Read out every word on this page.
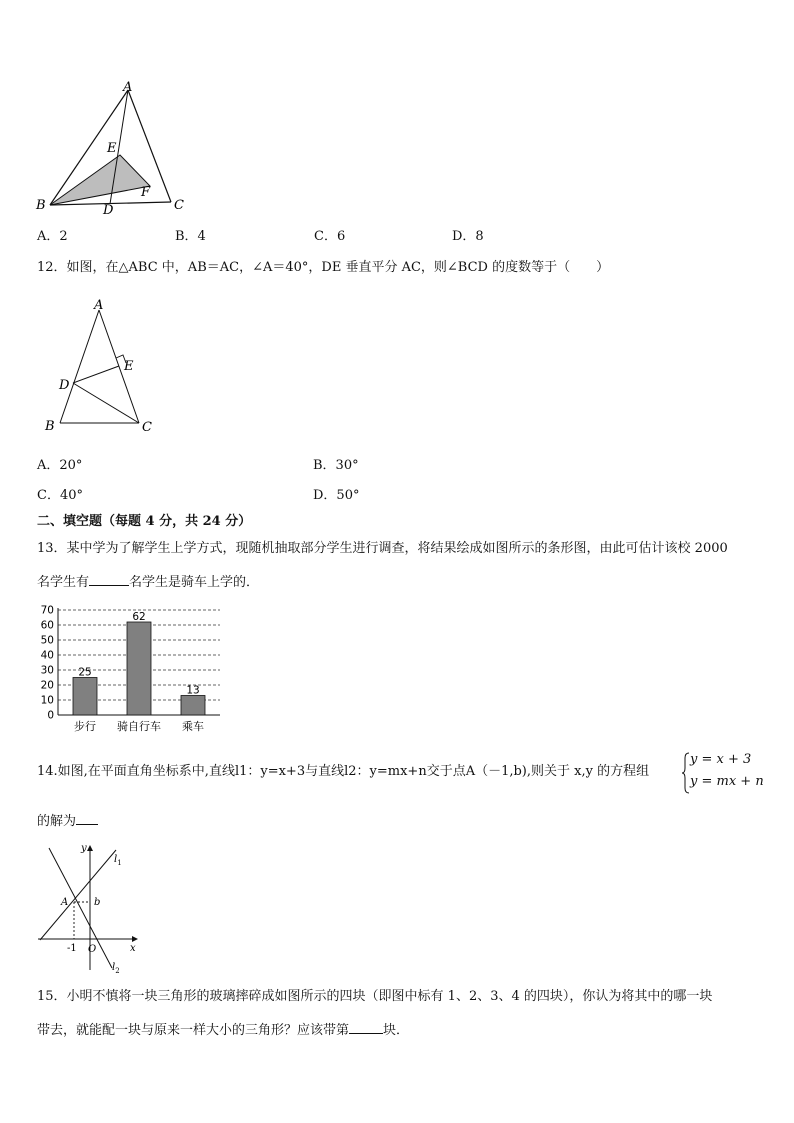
A
B	C
D
E
F
A．2	B．4	C．6	D．8
12．如图，在△ABC 中，AB＝AC，∠A＝40°，DE 垂直平分 AC，则∠BCD 的度数等于（　　）
A
B	C
D
E
A．20°	B．30°
C．40°	D．50°
二、填空题（每题 4 分，共 24 分）
13．某中学为了解学生上学方式，现随机抽取部分学生进行调查，将结果绘成如图所示的条形图，由此可估计该校 2000
名学生有	名学生是骑车上学的．
0
10
20
30
40
50
60
70
25
步行
62
骑自行车
13
乘车
14.如图,在平面直角坐标系中,直线l1：y=x+3与直线l2：y=mx+n交于点A（－1,b),则关于 x,y 的方程组
y = x + 3
y = mx + n
的解为
y
x
O
A	b
-1
$l_1$
$l_2$
15．小明不慎将一块三角形的玻璃摔碎成如图所示的四块（即图中标有 1、2、3、4 的四块），你认为将其中的哪一块
带去，就能配一块与原来一样大小的三角形？应该带第	块．
